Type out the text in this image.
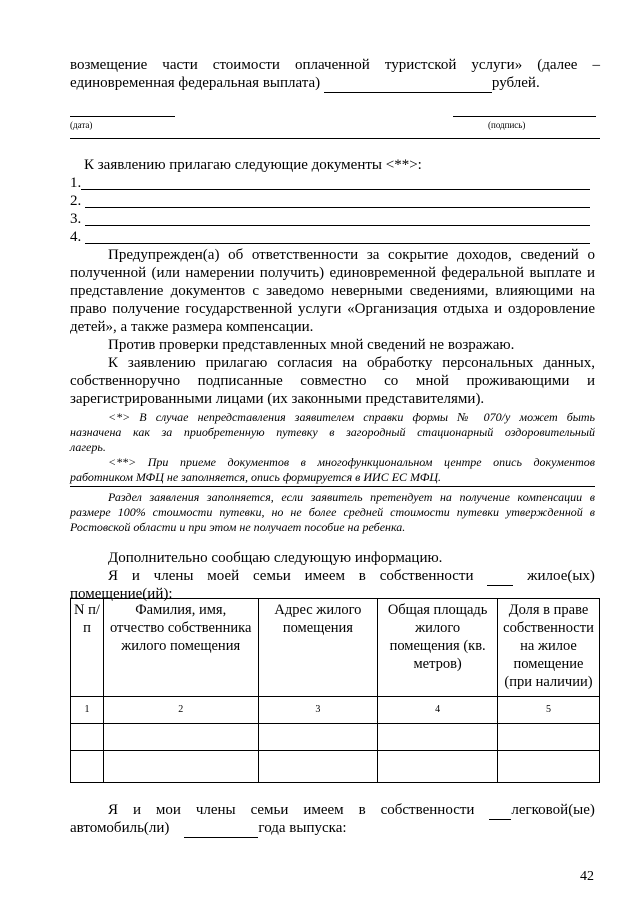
возмещение части стоимости оплаченной туристской услуги» (далее –
единовременная федеральная выплата)	рублей.
(дата)	(подпись)
К заявлению прилагаю следующие документы <**>:
1.
2.
3.
4.
Предупрежден(а) об ответственности за сокрытие доходов, сведений о
полученной (или намерении получить) единовременной федеральной выплате и
представление документов с заведомо неверными сведениями, влияющими на
право получение государственной услуги «Организация отдыха и оздоровление
детей», а также размера компенсации.
Против проверки представленных мной сведений не возражаю.
К заявлению прилагаю согласия на обработку персональных данных,
собственноручно подписанные совместно со мной проживающими и
зарегистрированными лицами (их законными представителями).
<*> В случае непредставления заявителем справки формы № 070/у может быть
назначена как за приобретенную путевку в загородный стационарный оздоровительный
лагерь.
<**> При приеме документов в многофункциональном центре опись документов
работником МФЦ не заполняется, опись формируется в ИИС ЕС МФЦ.
Раздел заявления заполняется, если заявитель претендует на получение компенсации в
размере 100% стоимости путевки, но не более средней стоимости путевки утвержденной в
Ростовской области и при этом не получает пособие на ребенка.
Дополнительно сообщаю следующую информацию.
Я и члены моей семьи имеем в собственности
	жилое(ых)
помещение(ий):
N п/п	Фамилия, имя, отчество собственника жилого помещения	Адрес жилого помещения	Общая площадь жилого помещения (кв. метров)	Доля в праве собственности на жилое помещение (при наличии)
1	2	3	4	5

Я и мои члены семьи имеем в собственности	легковой(ые)
автомобиль(ли)	года выпуска:
42
